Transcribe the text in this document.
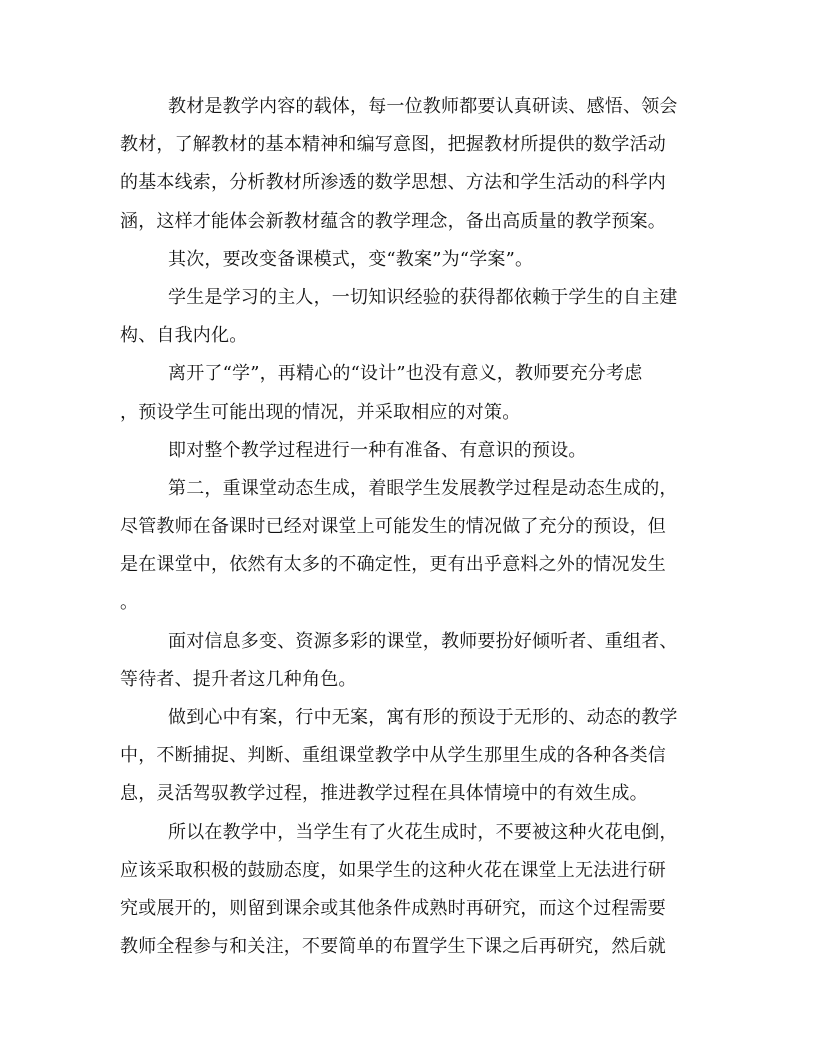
教材是教学内容的载体，每一位教师都要认真研读、感悟、领会
教材，了解教材的基本精神和编写意图，把握教材所提供的数学活动
的基本线索，分析教材所渗透的数学思想、方法和学生活动的科学内
涵，这样才能体会新教材蕴含的教学理念，备出高质量的教学预案。
其次，要改变备课模式，变“教案”为“学案”。
学生是学习的主人，一切知识经验的获得都依赖于学生的自主建
构、自我内化。
离开了“学”，再精心的“设计”也没有意义，教师要充分考虑
，预设学生可能出现的情况，并采取相应的对策。
即对整个教学过程进行一种有准备、有意识的预设。
第二，重课堂动态生成，着眼学生发展教学过程是动态生成的，
尽管教师在备课时已经对课堂上可能发生的情况做了充分的预设，但
是在课堂中，依然有太多的不确定性，更有出乎意料之外的情况发生
。
面对信息多变、资源多彩的课堂，教师要扮好倾听者、重组者、
等待者、提升者这几种角色。
做到心中有案，行中无案，寓有形的预设于无形的、动态的教学
中，不断捕捉、判断、重组课堂教学中从学生那里生成的各种各类信
息，灵活驾驭教学过程，推进教学过程在具体情境中的有效生成。
所以在教学中，当学生有了火花生成时，不要被这种火花电倒，
应该采取积极的鼓励态度，如果学生的这种火花在课堂上无法进行研
究或展开的，则留到课余或其他条件成熟时再研究，而这个过程需要
教师全程参与和关注，不要简单的布置学生下课之后再研究，然后就
